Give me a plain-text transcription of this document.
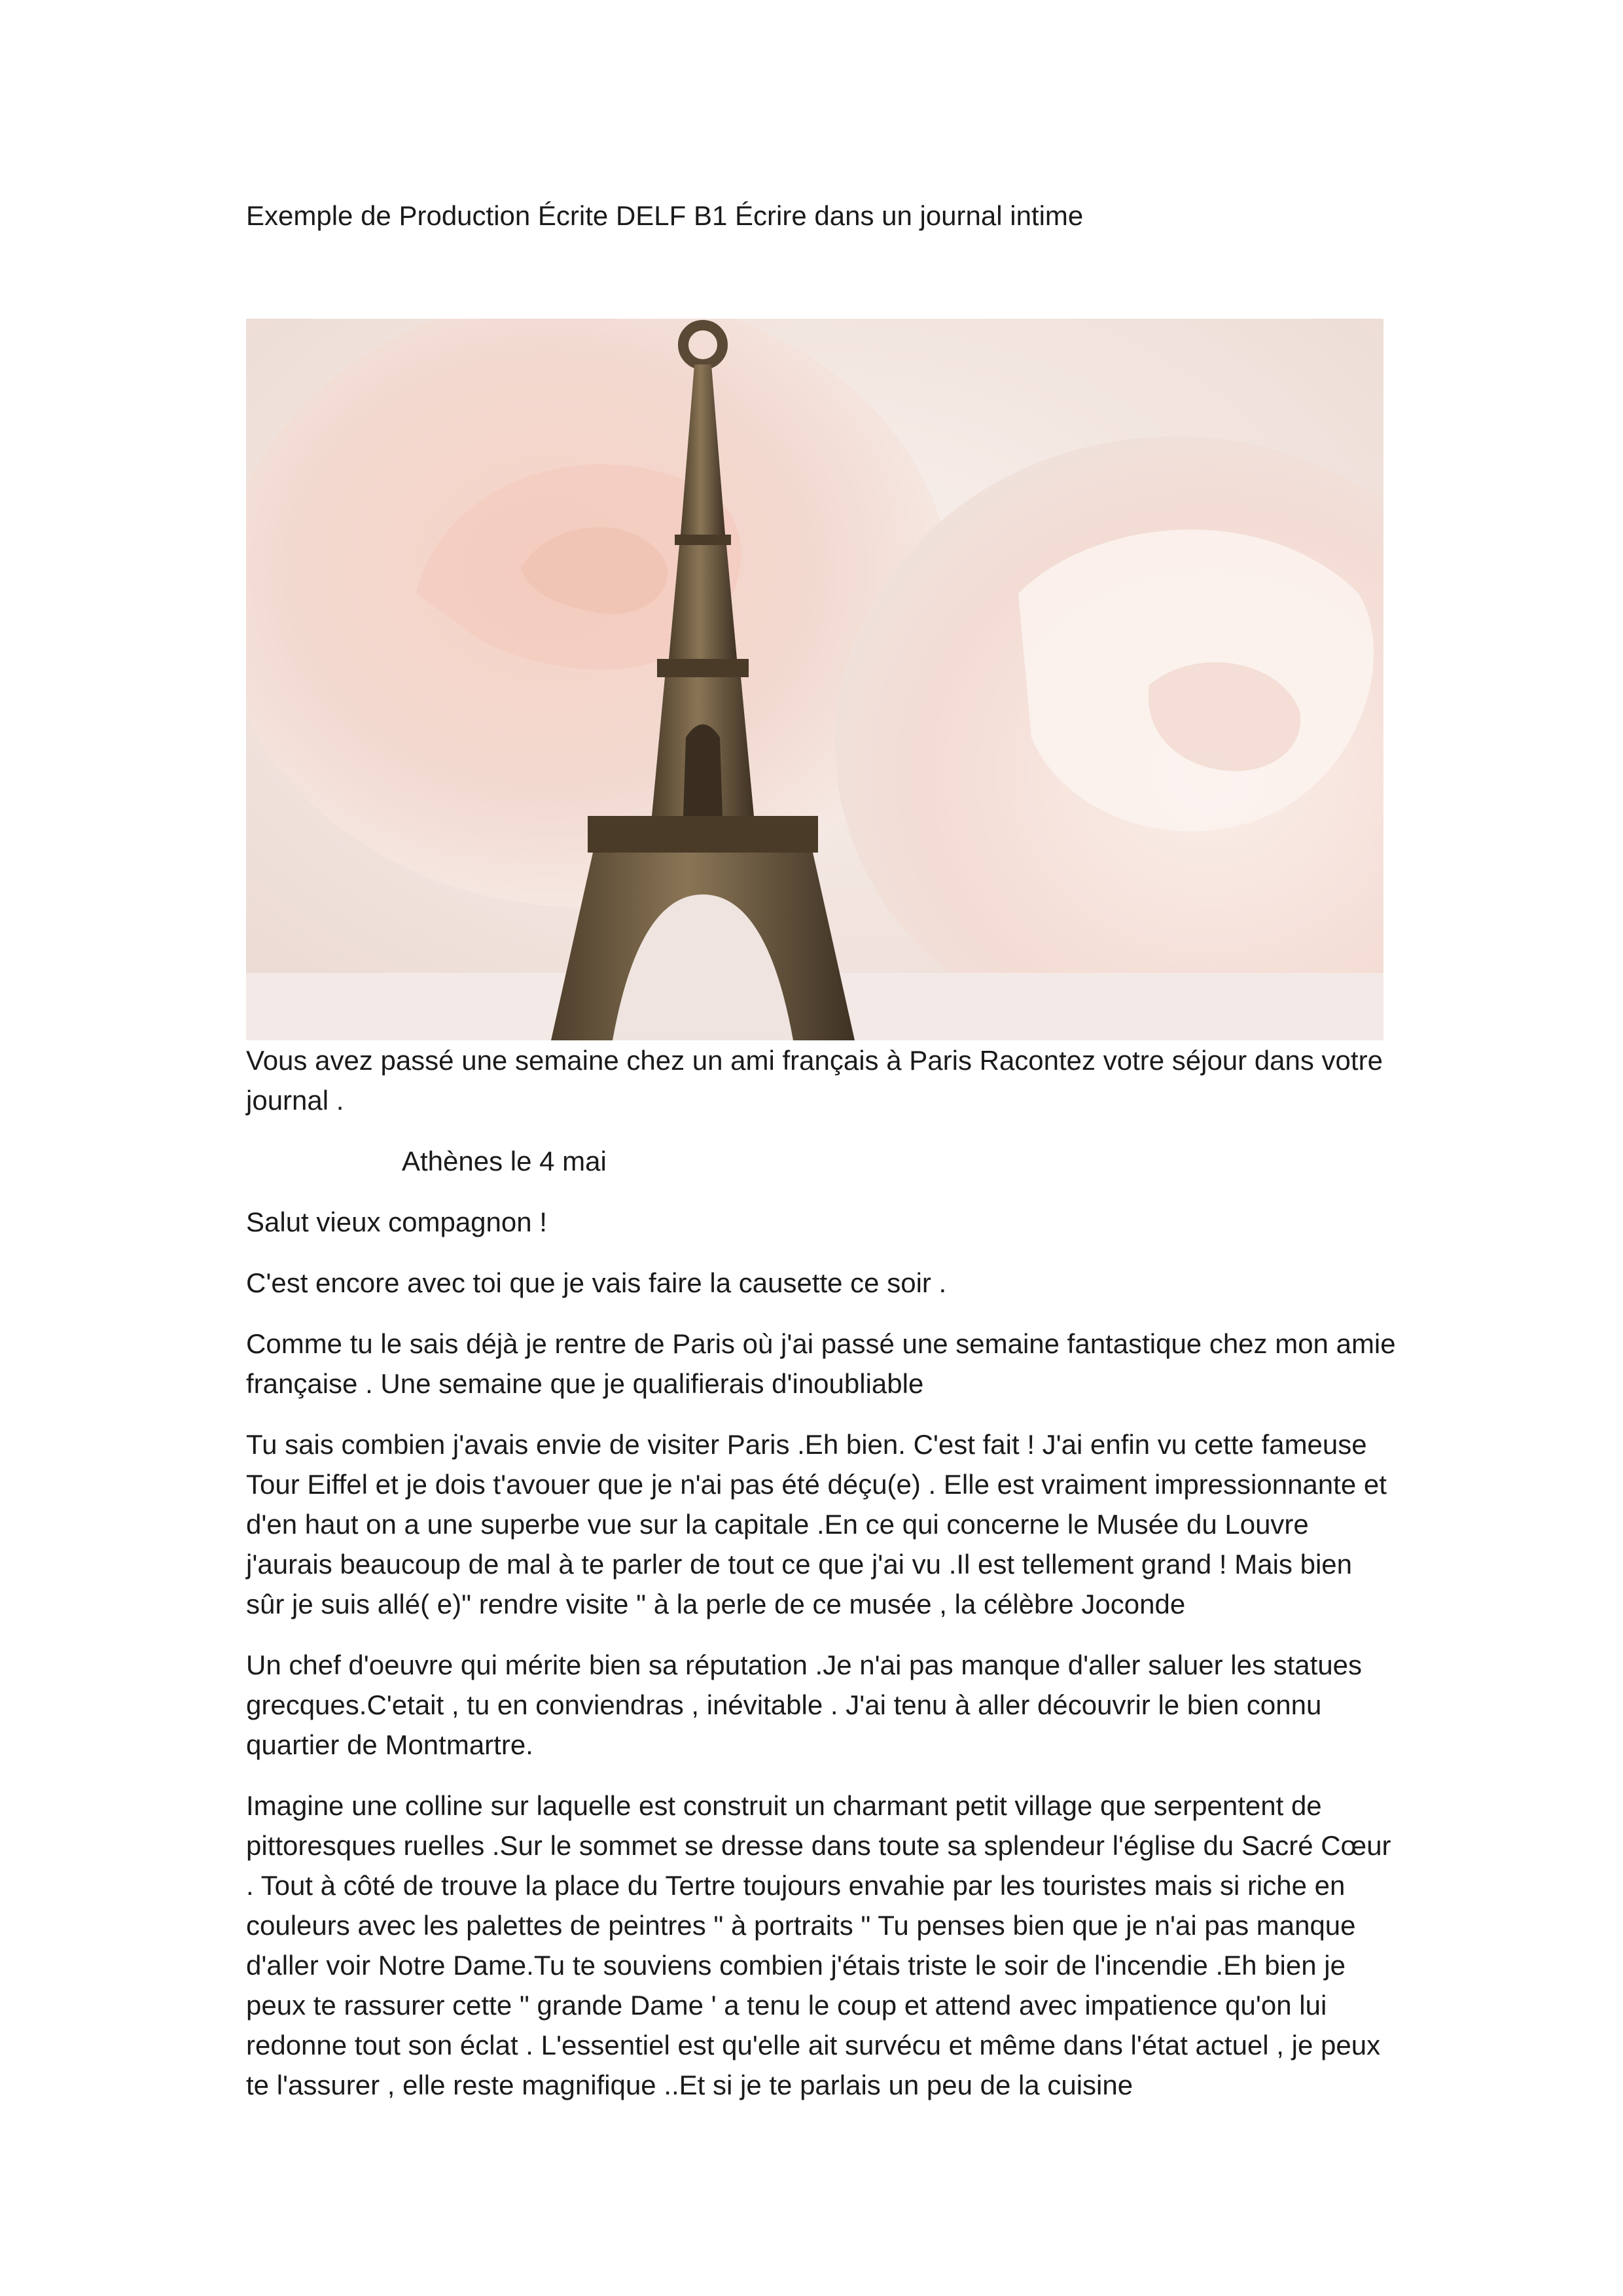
Exemple de Production Écrite DELF B1 Écrire dans un journal intime

Vous avez passé une semaine chez un ami français à Paris Racontez votre séjour dans votre journal .

Athènes le 4 mai

Salut vieux compagnon !

C'est encore avec toi que je vais faire la causette ce soir .

Comme tu le sais déjà je rentre de Paris où j'ai passé une semaine fantastique chez mon amie française . Une semaine que je qualifierais d'inoubliable

Tu sais combien j'avais envie de visiter Paris .Eh bien. C'est fait ! J'ai enfin vu cette fameuse Tour Eiffel et je dois t'avouer que je n'ai pas été déçu(e) . Elle est vraiment impressionnante et d'en haut on a une superbe vue sur la capitale .En ce qui concerne le Musée du Louvre j'aurais beaucoup de mal à te parler de tout ce que j'ai vu .Il est tellement grand ! Mais bien sûr je suis allé( e)" rendre visite " à la perle de ce musée , la célèbre Joconde

Un chef d'oeuvre qui mérite bien sa réputation .Je n'ai pas manque d'aller saluer les statues grecques.C'etait , tu en conviendras , inévitable . J'ai tenu à aller découvrir le bien connu quartier de Montmartre.

Imagine une colline sur laquelle est construit un charmant petit village que serpentent de pittoresques ruelles .Sur le sommet se dresse dans toute sa splendeur l'église du Sacré Cœur . Tout à côté de trouve la place du Tertre toujours envahie par les touristes mais si riche en couleurs avec les palettes de peintres " à portraits " Tu penses bien que je n'ai pas manque d'aller voir Notre Dame.Tu te souviens combien j'étais triste le soir de l'incendie .Eh bien je peux te rassurer cette " grande Dame ' a tenu le coup et attend avec impatience qu'on lui redonne tout son éclat . L'essentiel est qu'elle ait survécu et même dans l'état actuel , je peux te l'assurer , elle reste magnifique ..Et si je te parlais un peu de la cuisine
